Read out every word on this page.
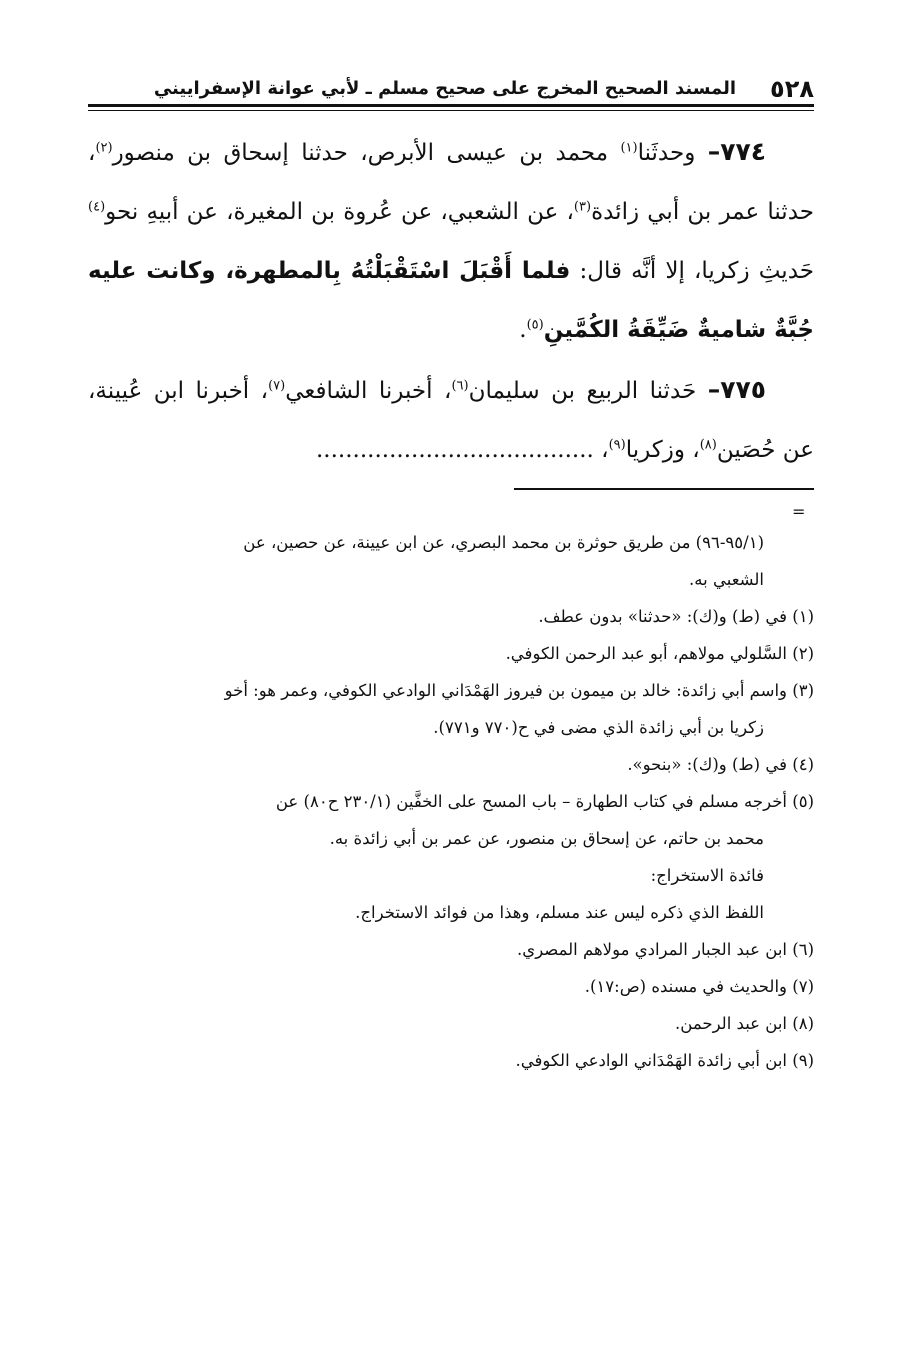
٥٢٨
المسند الصحيح المخرج على صحيح مسلم ـ لأبي عوانة الإسفراييني

٧٧٤– وحدثَنا$^{(١)}$ محمد بن عيسى الأبرص، حدثنا إسحاق بن منصور$^{(٢)}$، حدثنا عمر بن أبي زائدة$^{(٣)}$، عن الشعبي، عن عُروة بن المغيرة، عن أبيهِ نحو$^{(٤)}$ حَديثِ زكريا، إلا أنَّه قال: فلما أَقْبَلَ اسْتَقْبَلْتُهُ بِالمطهرة، وكانت عليه جُبَّةٌ شاميةٌ ضَيِّقَةُ الكُمَّينِ$^{(٥)}$.

٧٧٥– حَدثنا الربيع بن سليمان$^{(٦)}$، أخبرنا الشافعي$^{(٧)}$، أخبرنا ابن عُيينة، عن حُصَين$^{(٨)}$، وزكريا$^{(٩)}$، ......................................

=

(٩٥/١-٩٦) من طريق حوثرة بن محمد البصري، عن ابن عيينة، عن حصين، عن

الشعبي به.

(١) في (ط) و(ك): «حدثنا» بدون عطف.

(٢) السَّلولي مولاهم، أبو عبد الرحمن الكوفي.

(٣) واسم أبي زائدة: خالد بن ميمون بن فيروز الهَمْدَاني الوادعي الكوفي، وعمر هو: أخو

زكريا بن أبي زائدة الذي مضى في ح(٧٧٠ و٧٧١).

(٤) في (ط) و(ك): «بنحو».

(٥) أخرجه مسلم في كتاب الطهارة – باب المسح على الخفَّين (٢٣٠/١ ح٨٠) عن

محمد بن حاتم، عن إسحاق بن منصور، عن عمر بن أبي زائدة به.

فائدة الاستخراج:

اللفظ الذي ذكره ليس عند مسلم، وهذا من فوائد الاستخراج.

(٦) ابن عبد الجبار المرادي مولاهم المصري.

(٧) والحديث في مسنده (ص:١٧).

(٨) ابن عبد الرحمن.

(٩) ابن أبي زائدة الهَمْدَاني الوادعي الكوفي.
